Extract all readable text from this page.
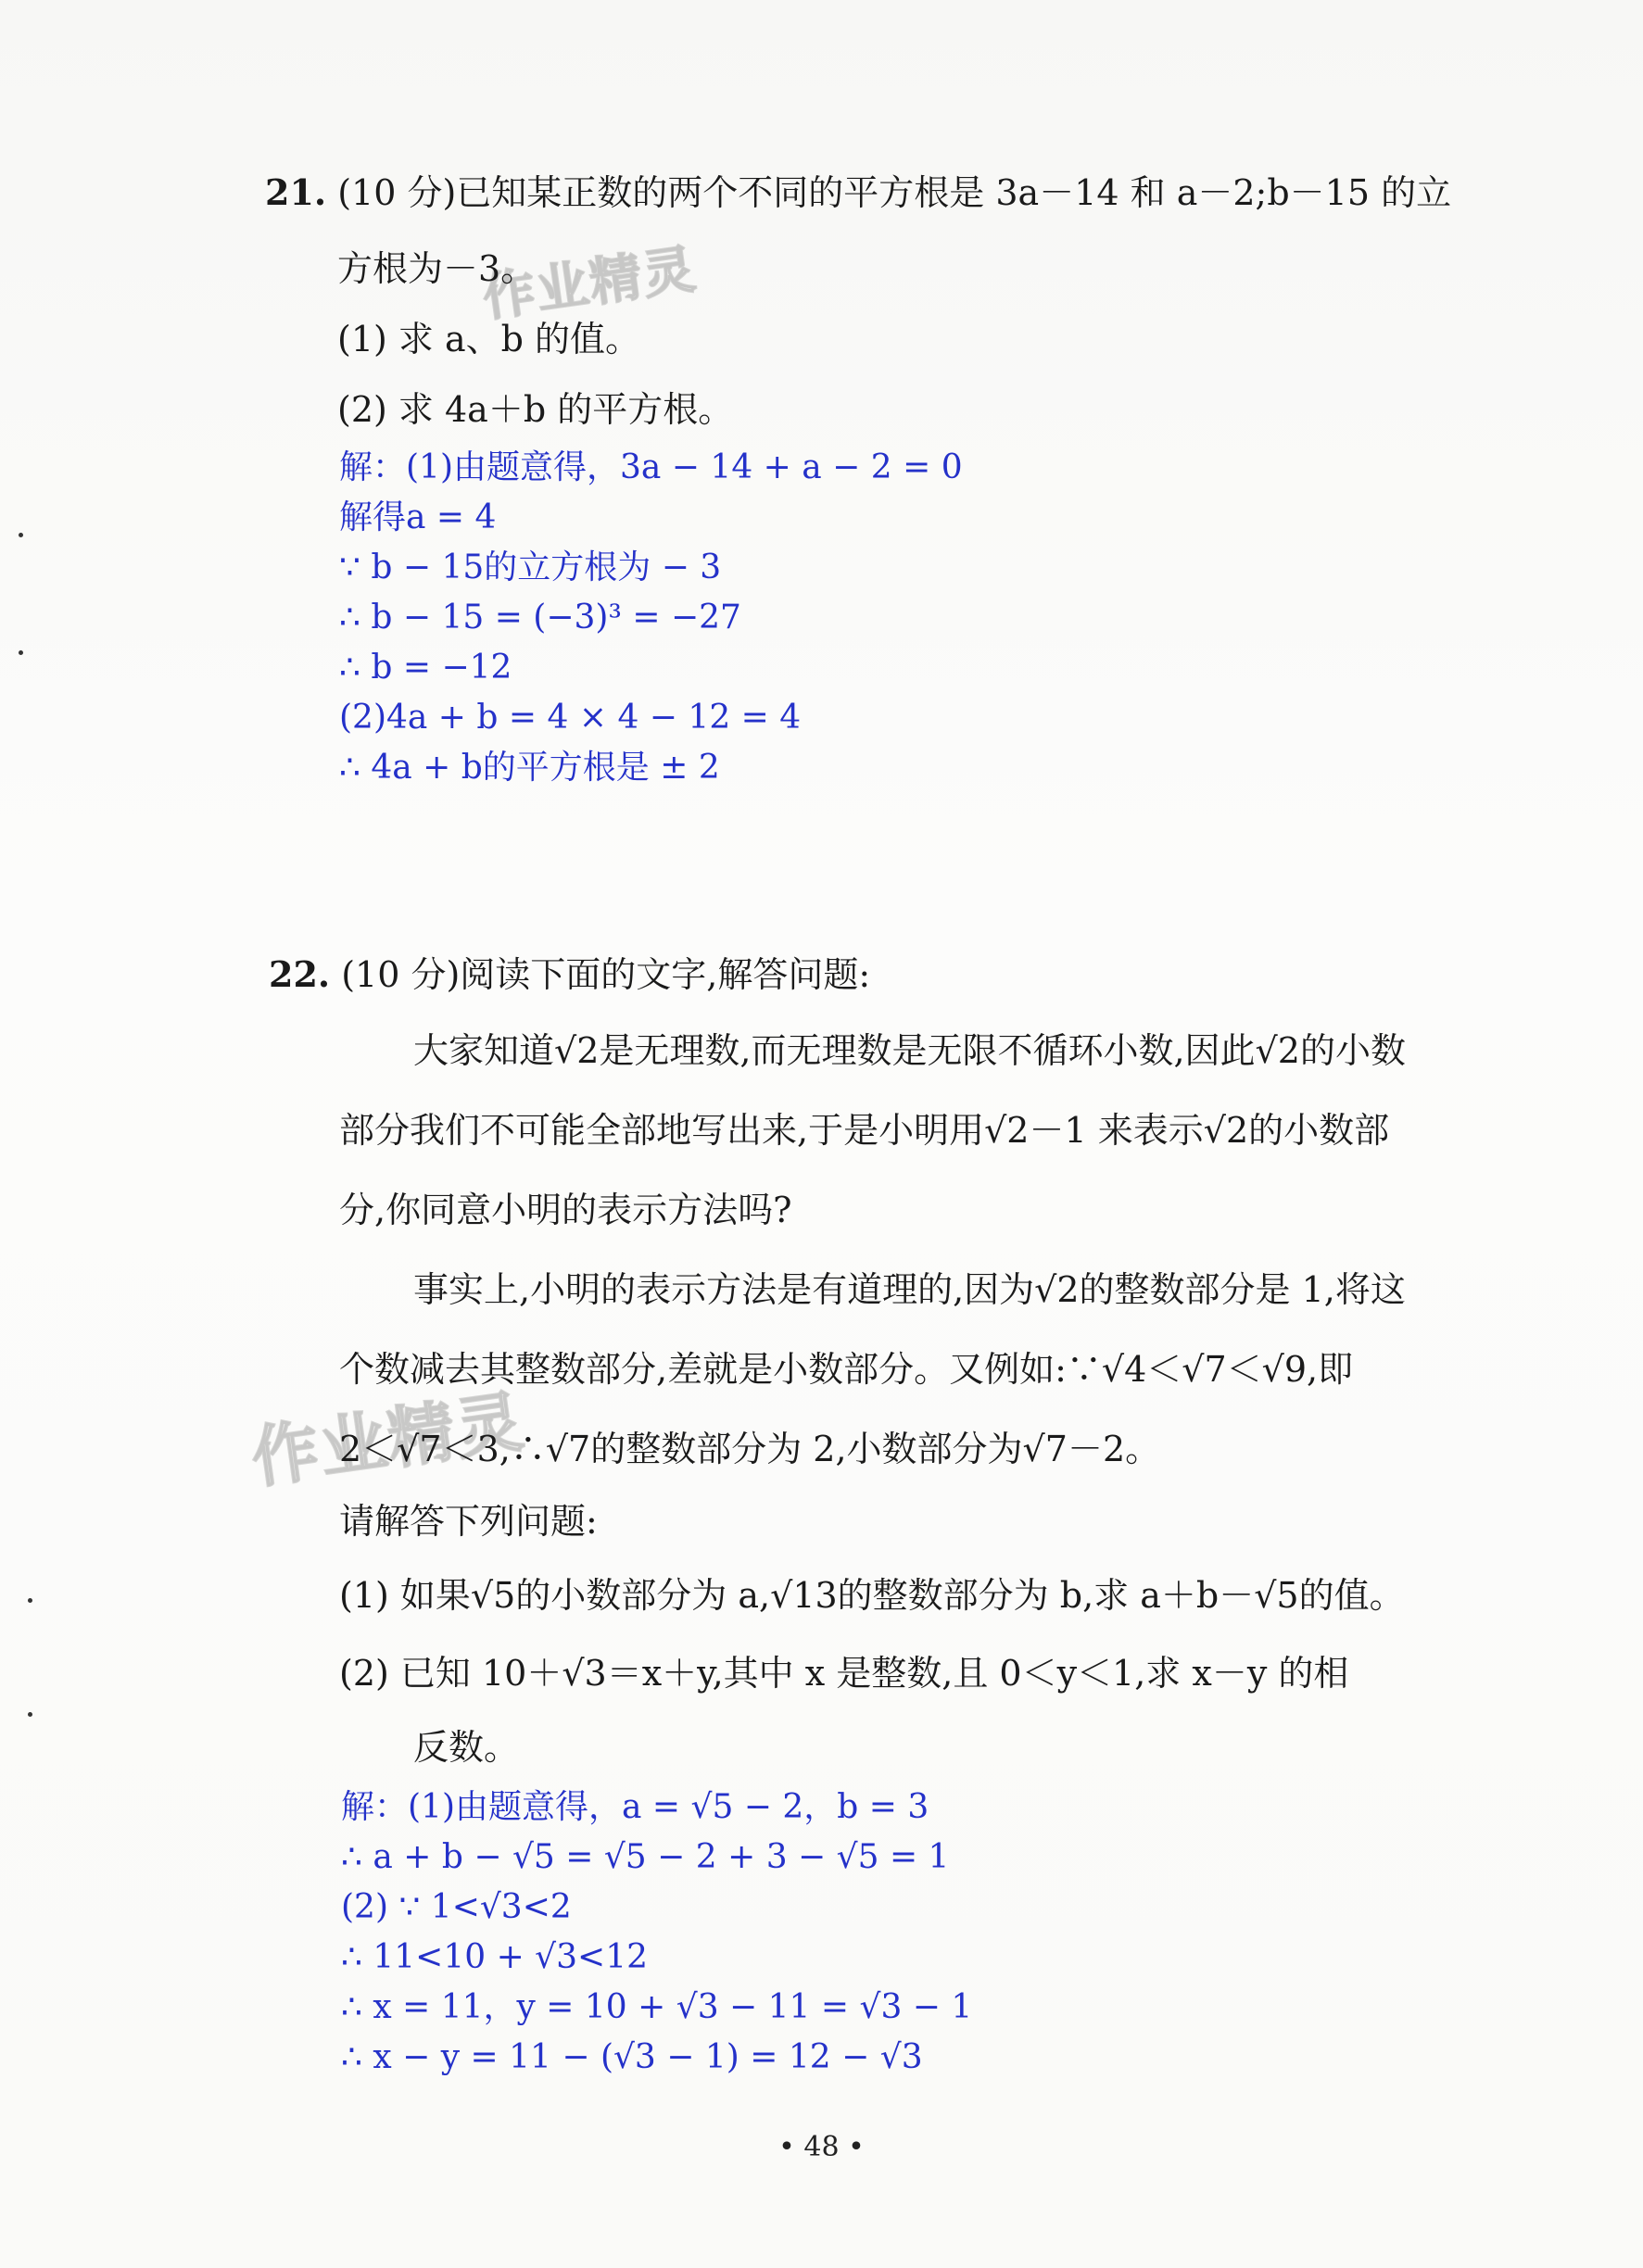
作业精灵
作业精灵
21. (10 分)已知某正数的两个不同的平方根是 3a－14 和 a－2;b－15 的立
方根为－3。
(1) 求 a、b 的值。
(2) 求 4a＋b 的平方根。
解：(1)由题意得，3a − 14 + a − 2 = 0
解得a = 4
∵ b − 15的立方根为 − 3
∴ b − 15 = (−3)³ = −27
∴ b = −12
(2)4a + b = 4 × 4 − 12 = 4
∴ 4a + b的平方根是 ± 2
22. (10 分)阅读下面的文字,解答问题:
大家知道√2是无理数,而无理数是无限不循环小数,因此√2的小数
部分我们不可能全部地写出来,于是小明用√2－1 来表示√2的小数部
分,你同意小明的表示方法吗?
事实上,小明的表示方法是有道理的,因为√2的整数部分是 1,将这
个数减去其整数部分,差就是小数部分。又例如:∵√4＜√7＜√9,即
2＜√7＜3,∴√7的整数部分为 2,小数部分为√7－2。
请解答下列问题:
(1) 如果√5的小数部分为 a,√13的整数部分为 b,求 a＋b－√5的值。
(2) 已知 10＋√3＝x＋y,其中 x 是整数,且 0＜y＜1,求 x－y 的相
反数。
解：(1)由题意得，a = √5 − 2，b = 3
∴ a + b − √5 = √5 − 2 + 3 − √5 = 1
(2) ∵ 1<√3<2
∴ 11<10 + √3<12
∴ x = 11，y = 10 + √3 − 11 = √3 − 1
∴ x − y = 11 − (√3 − 1) = 12 − √3
• 48 •
